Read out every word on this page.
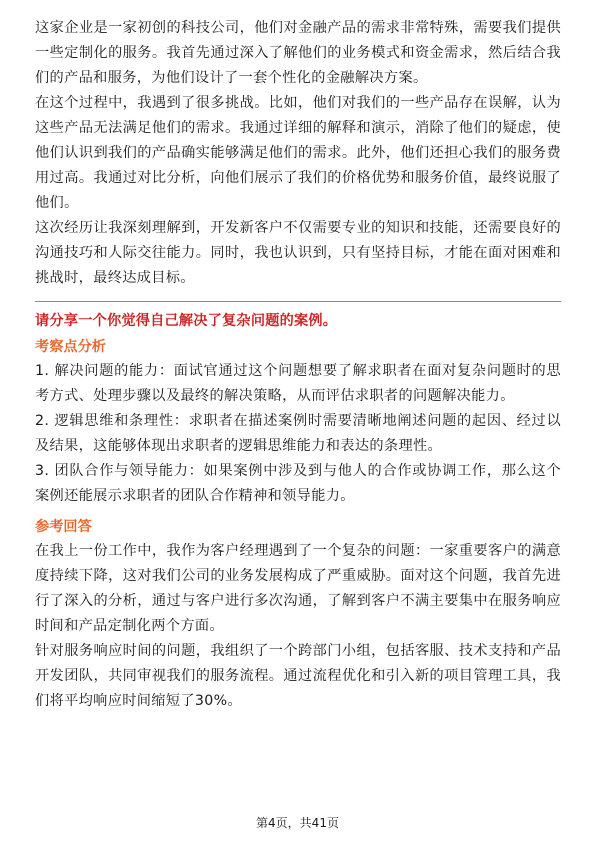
这家企业是一家初创的科技公司，他们对金融产品的需求非常特殊，需要我们提供一些定制化的服务。我首先通过深入了解他们的业务模式和资金需求，然后结合我们的产品和服务，为他们设计了一套个性化的金融解决方案。

在这个过程中，我遇到了很多挑战。比如，他们对我们的一些产品存在误解，认为这些产品无法满足他们的需求。我通过详细的解释和演示，消除了他们的疑虑，使他们认识到我们的产品确实能够满足他们的需求。此外，他们还担心我们的服务费用过高。我通过对比分析，向他们展示了我们的价格优势和服务价值，最终说服了他们。

这次经历让我深刻理解到，开发新客户不仅需要专业的知识和技能，还需要良好的沟通技巧和人际交往能力。同时，我也认识到，只有坚持目标，才能在面对困难和挑战时，最终达成目标。

请分享一个你觉得自己解决了复杂问题的案例。

考察点分析

1. 解决问题的能力：面试官通过这个问题想要了解求职者在面对复杂问题时的思考方式、处理步骤以及最终的解决策略，从而评估求职者的问题解决能力。

2. 逻辑思维和条理性：求职者在描述案例时需要清晰地阐述问题的起因、经过以及结果，这能够体现出求职者的逻辑思维能力和表达的条理性。

3. 团队合作与领导能力：如果案例中涉及到与他人的合作或协调工作，那么这个案例还能展示求职者的团队合作精神和领导能力。

参考回答

在我上一份工作中，我作为客户经理遇到了一个复杂的问题：一家重要客户的满意度持续下降，这对我们公司的业务发展构成了严重威胁。面对这个问题，我首先进行了深入的分析，通过与客户进行多次沟通，了解到客户不满主要集中在服务响应时间和产品定制化两个方面。

针对服务响应时间的问题，我组织了一个跨部门小组，包括客服、技术支持和产品开发团队，共同审视我们的服务流程。通过流程优化和引入新的项目管理工具，我们将平均响应时间缩短了30%。

第4页，共41页
